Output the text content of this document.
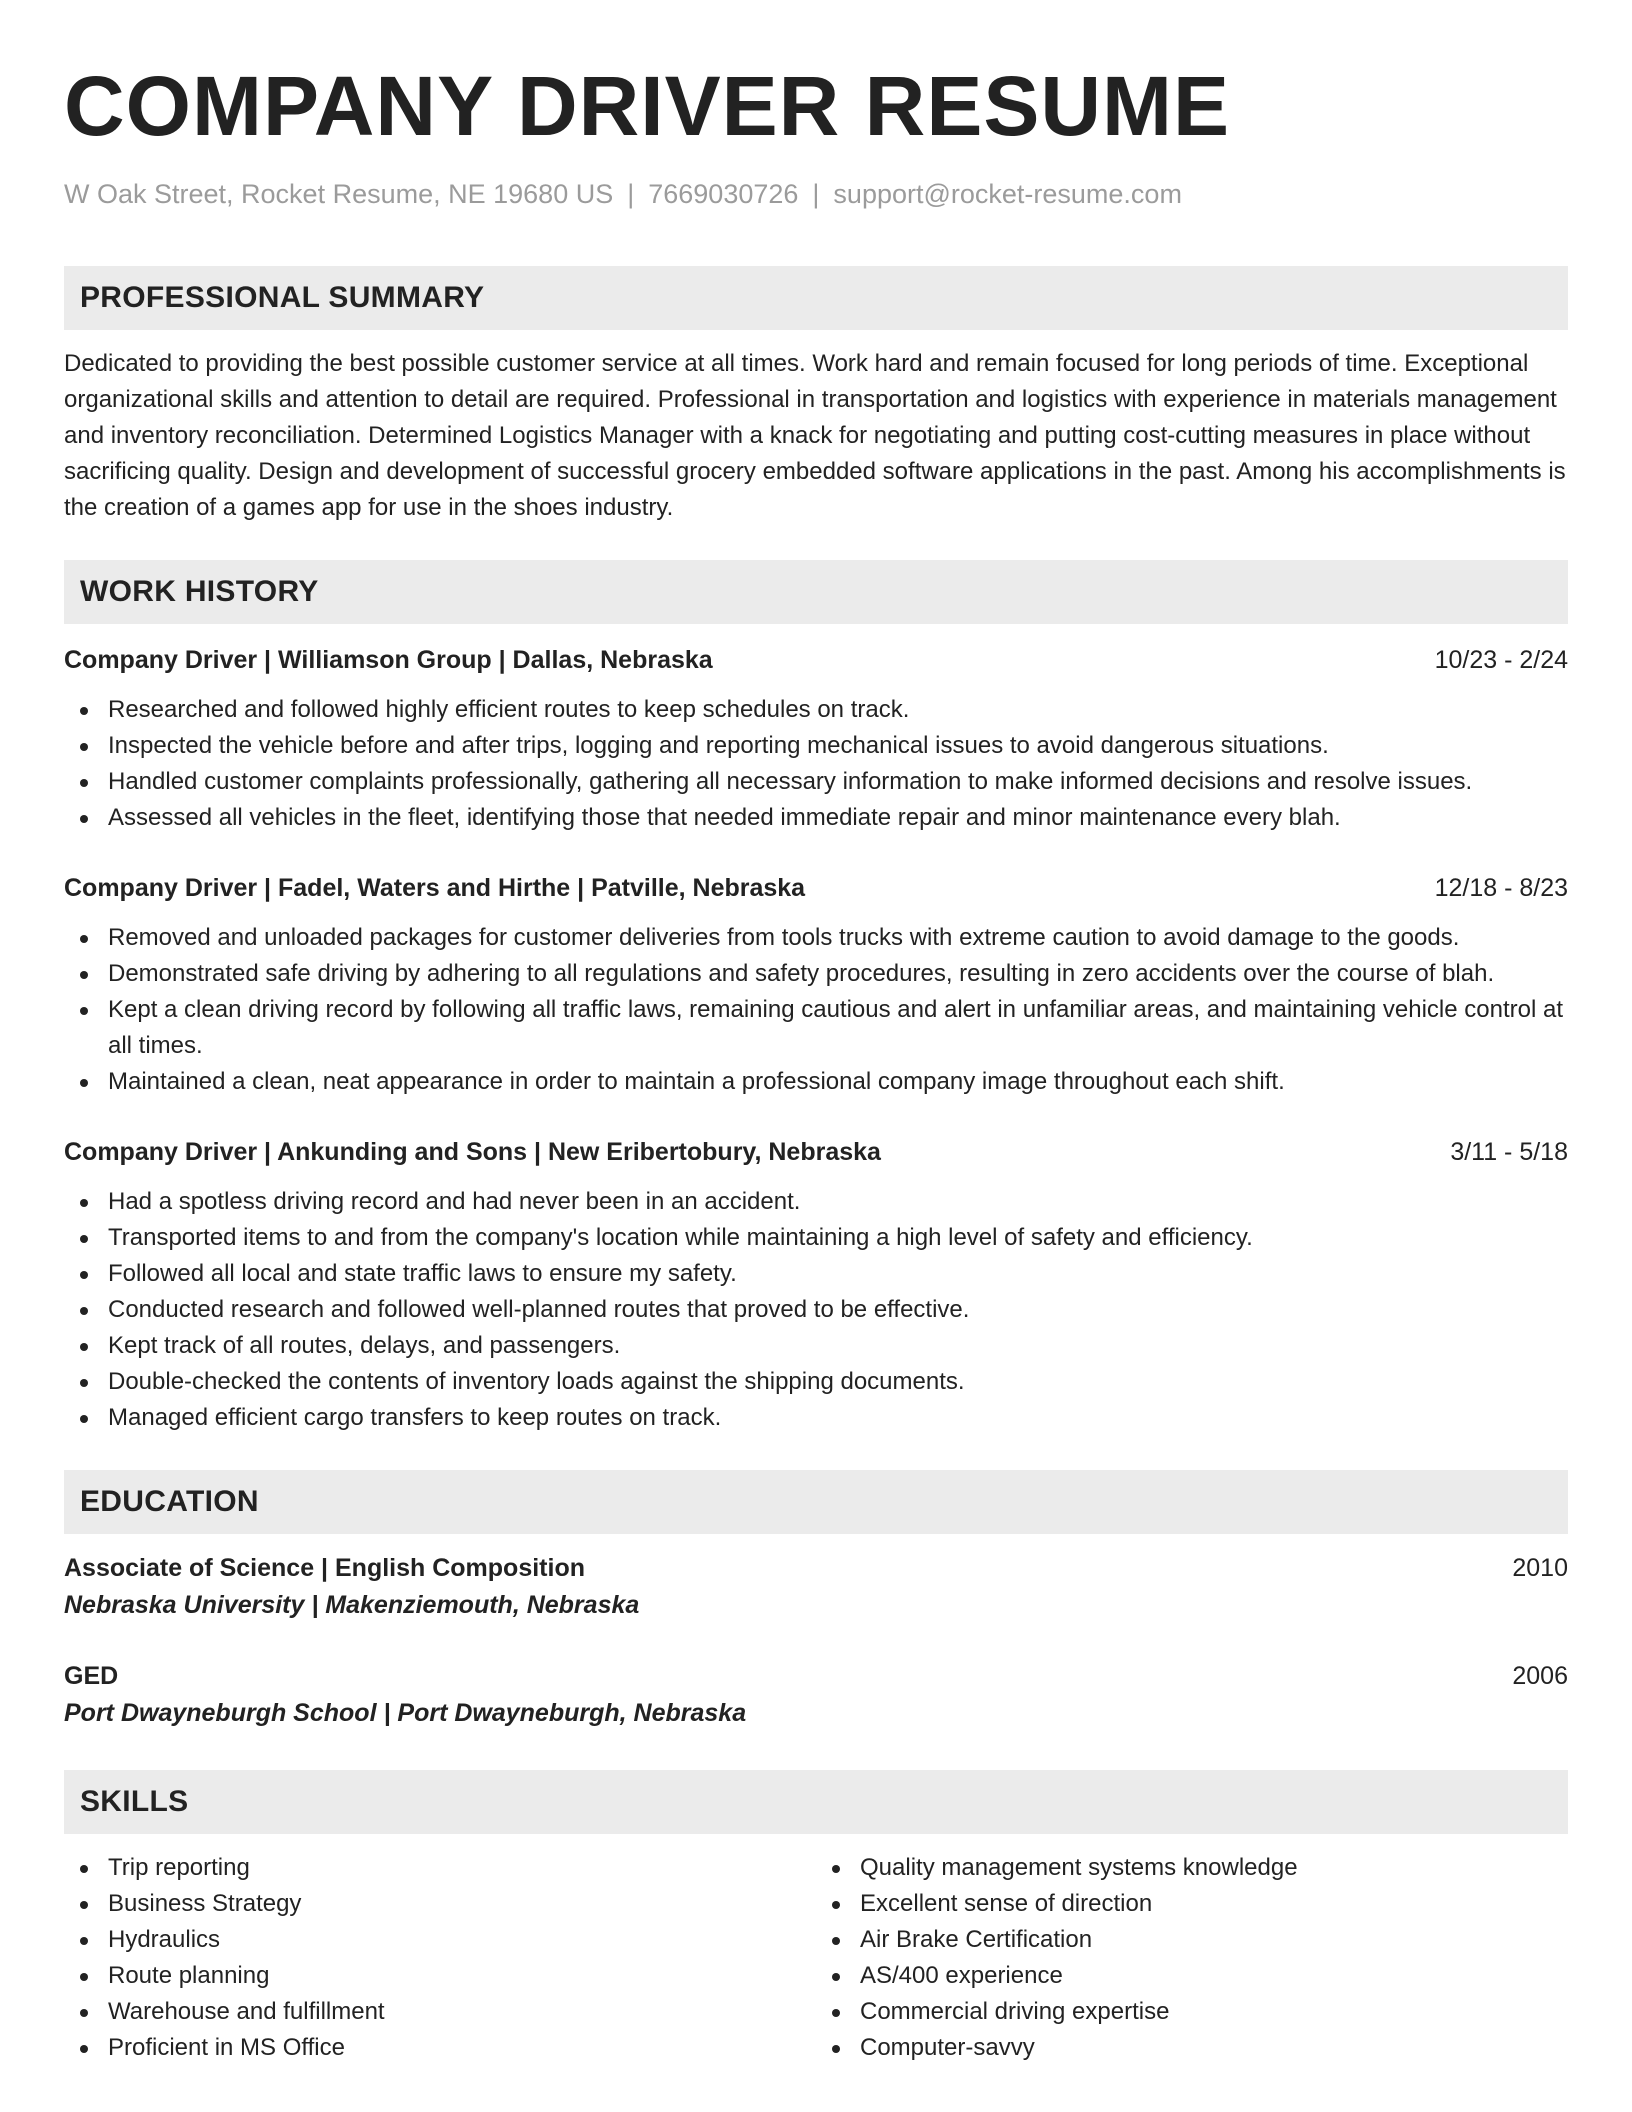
COMPANY DRIVER RESUME
W Oak Street, Rocket Resume, NE 19680 US | 7669030726 | support@rocket-resume.com
PROFESSIONAL SUMMARY
Dedicated to providing the best possible customer service at all times. Work hard and remain focused for long periods of time. Exceptional organizational skills and attention to detail are required. Professional in transportation and logistics with experience in materials management and inventory reconciliation. Determined Logistics Manager with a knack for negotiating and putting cost-cutting measures in place without sacrificing quality. Design and development of successful grocery embedded software applications in the past. Among his accomplishments is the creation of a games app for use in the shoes industry.
WORK HISTORY
Company Driver | Williamson Group | Dallas, Nebraska	10/23 - 2/24
Researched and followed highly efficient routes to keep schedules on track.
Inspected the vehicle before and after trips, logging and reporting mechanical issues to avoid dangerous situations.
Handled customer complaints professionally, gathering all necessary information to make informed decisions and resolve issues.
Assessed all vehicles in the fleet, identifying those that needed immediate repair and minor maintenance every blah.
Company Driver | Fadel, Waters and Hirthe | Patville, Nebraska	12/18 - 8/23
Removed and unloaded packages for customer deliveries from tools trucks with extreme caution to avoid damage to the goods.
Demonstrated safe driving by adhering to all regulations and safety procedures, resulting in zero accidents over the course of blah.
Kept a clean driving record by following all traffic laws, remaining cautious and alert in unfamiliar areas, and maintaining vehicle control at all times.
Maintained a clean, neat appearance in order to maintain a professional company image throughout each shift.
Company Driver | Ankunding and Sons | New Eribertobury, Nebraska	3/11 - 5/18
Had a spotless driving record and had never been in an accident.
Transported items to and from the company's location while maintaining a high level of safety and efficiency.
Followed all local and state traffic laws to ensure my safety.
Conducted research and followed well-planned routes that proved to be effective.
Kept track of all routes, delays, and passengers.
Double-checked the contents of inventory loads against the shipping documents.
Managed efficient cargo transfers to keep routes on track.
EDUCATION
Associate of Science | English Composition	2010
Nebraska University | Makenziemouth, Nebraska
GED	2006
Port Dwayneburgh School | Port Dwayneburgh, Nebraska
SKILLS
Trip reporting
Business Strategy
Hydraulics
Route planning
Warehouse and fulfillment
Proficient in MS Office
Quality management systems knowledge
Excellent sense of direction
Air Brake Certification
AS/400 experience
Commercial driving expertise
Computer-savvy
